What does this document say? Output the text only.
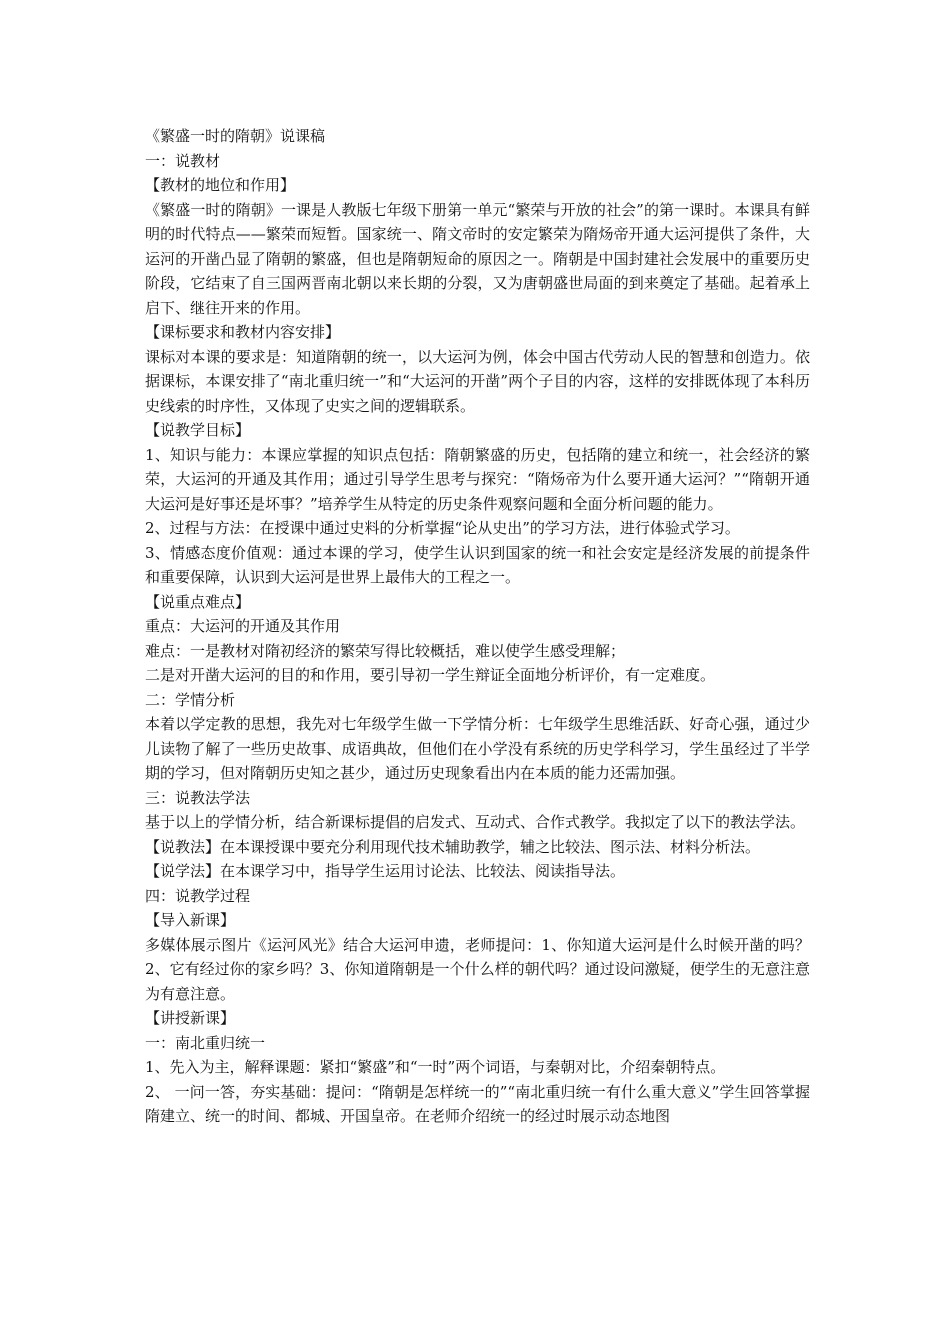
《繁盛一时的隋朝》说课稿

一：说教材

【教材的地位和作用】

《繁盛一时的隋朝》一课是人教版七年级下册第一单元“繁荣与开放的社会”的第一课时。本课具有鲜明的时代特点——繁荣而短暂。国家统一、隋文帝时的安定繁荣为隋炀帝开通大运河提供了条件，大运河的开凿凸显了隋朝的繁盛，但也是隋朝短命的原因之一。隋朝是中国封建社会发展中的重要历史阶段，它结束了自三国两晋南北朝以来长期的分裂，又为唐朝盛世局面的到来奠定了基础。起着承上启下、继往开来的作用。

【课标要求和教材内容安排】

课标对本课的要求是：知道隋朝的统一，以大运河为例，体会中国古代劳动人民的智慧和创造力。依据课标，本课安排了“南北重归统一”和“大运河的开凿”两个子目的内容，这样的安排既体现了本科历史线索的时序性，又体现了史实之间的逻辑联系。

【说教学目标】

1、知识与能力：本课应掌握的知识点包括：隋朝繁盛的历史，包括隋的建立和统一，社会经济的繁荣，大运河的开通及其作用；通过引导学生思考与探究：“隋炀帝为什么要开通大运河？”“隋朝开通大运河是好事还是坏事？”培养学生从特定的历史条件观察问题和全面分析问题的能力。

2、过程与方法：在授课中通过史料的分析掌握“论从史出”的学习方法，进行体验式学习。

3、情感态度价值观：通过本课的学习，使学生认识到国家的统一和社会安定是经济发展的前提条件和重要保障，认识到大运河是世界上最伟大的工程之一。

【说重点难点】

重点：大运河的开通及其作用

难点：一是教材对隋初经济的繁荣写得比较概括，难以使学生感受理解；

二是对开凿大运河的目的和作用，要引导初一学生辩证全面地分析评价，有一定难度。

二：学情分析

本着以学定教的思想，我先对七年级学生做一下学情分析：七年级学生思维活跃、好奇心强，通过少儿读物了解了一些历史故事、成语典故，但他们在小学没有系统的历史学科学习，学生虽经过了半学期的学习，但对隋朝历史知之甚少，通过历史现象看出内在本质的能力还需加强。

三：说教法学法

基于以上的学情分析，结合新课标提倡的启发式、互动式、合作式教学。我拟定了以下的教法学法。

【说教法】在本课授课中要充分利用现代技术辅助教学，辅之比较法、图示法、材料分析法。

【说学法】在本课学习中，指导学生运用讨论法、比较法、阅读指导法。

四：说教学过程

【导入新课】

多媒体展示图片《运河风光》结合大运河申遗，老师提问：1、你知道大运河是什么时候开凿的吗？2、它有经过你的家乡吗？3、你知道隋朝是一个什么样的朝代吗？通过设问激疑，便学生的无意注意为有意注意。

【讲授新课】

一：南北重归统一

1、先入为主，解释课题：紧扣“繁盛”和“一时”两个词语，与秦朝对比，介绍秦朝特点。

2、 一问一答，夯实基础：提问：“隋朝是怎样统一的”“南北重归统一有什么重大意义”学生回答掌握隋建立、统一的时间、都城、开国皇帝。在老师介绍统一的经过时展示动态地图
